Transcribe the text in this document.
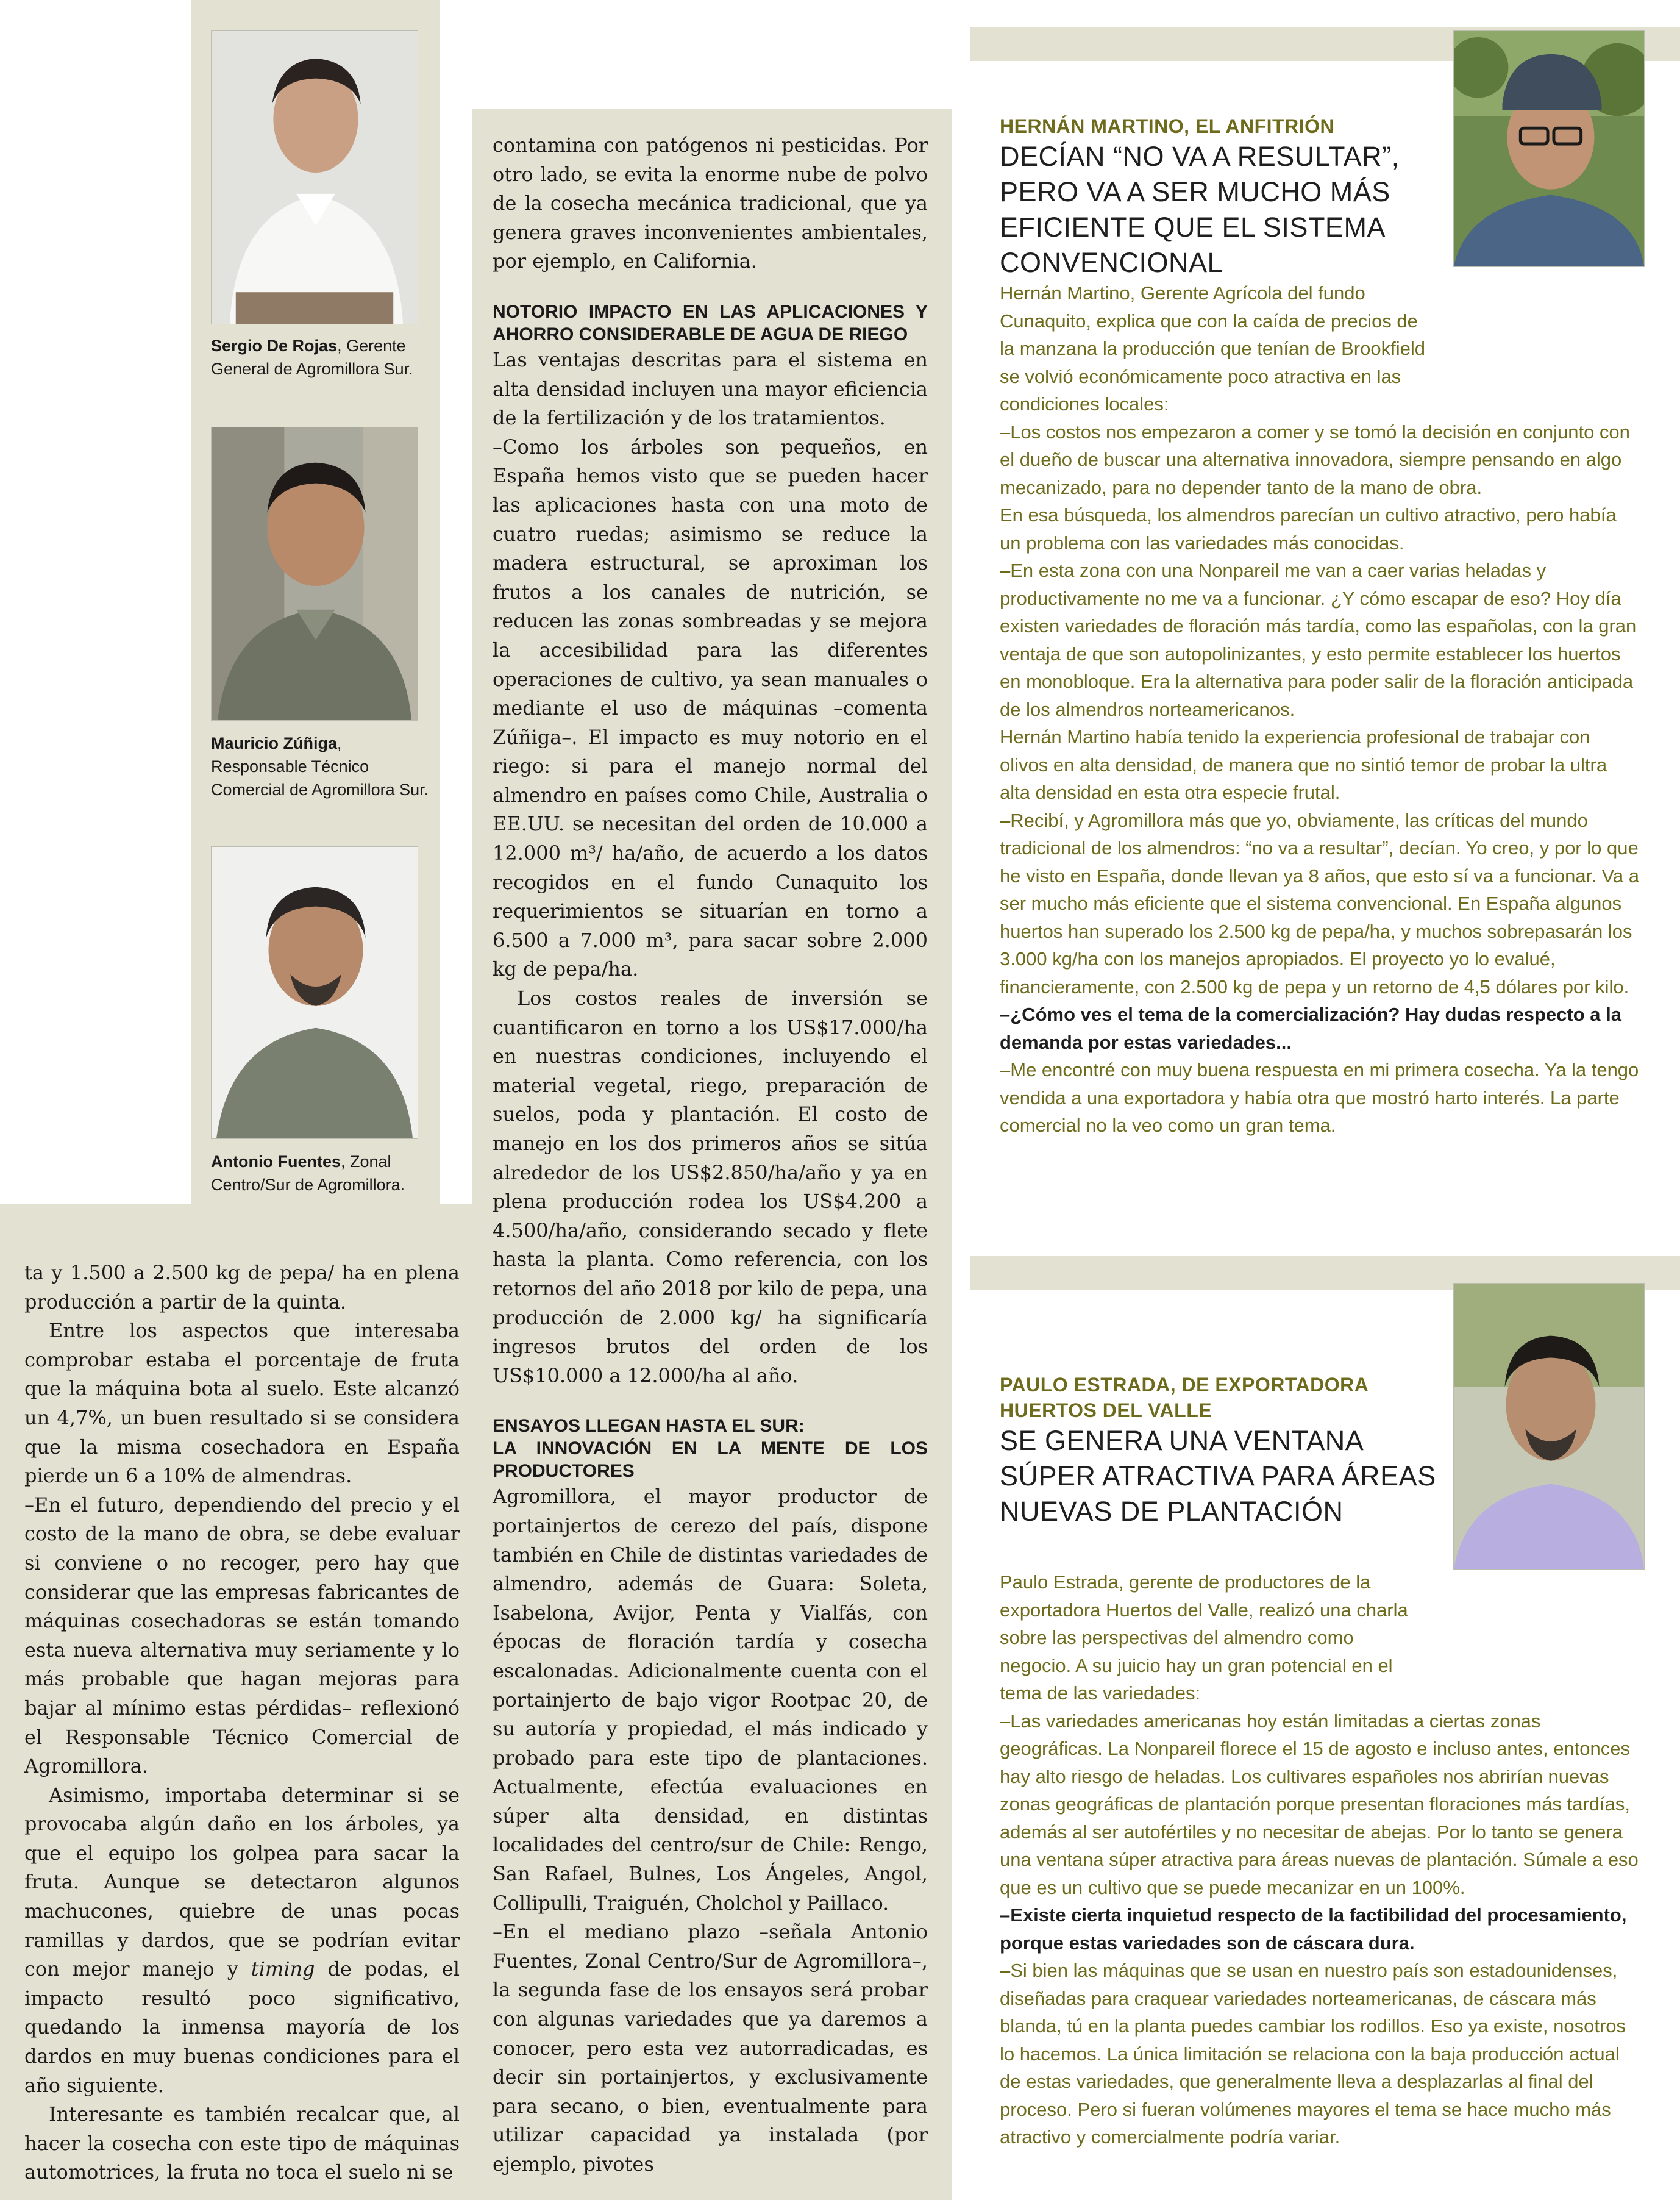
Sergio De Rojas, Gerente General de Agromillora Sur.
Mauricio Zúñiga, Responsable Técnico Comercial de Agromillora Sur.
Antonio Fuentes, Zonal Centro/Sur de Agromillora.

ta y 1.500 a 2.500 kg de pepa/ ha en plena producción a partir de la quinta.

Entre los aspectos que interesaba comprobar estaba el porcentaje de fruta que la máquina bota al suelo. Este alcanzó un 4,7%, un buen resultado si se considera que la misma cosechadora en España pierde un 6 a 10% de almendras.

–En el futuro, dependiendo del precio y el costo de la mano de obra, se debe evaluar si conviene o no recoger, pero hay que considerar que las empresas fabricantes de máquinas cosechadoras se están tomando esta nueva alternativa muy seriamente y lo más probable que hagan mejoras para bajar al mínimo estas pérdidas– reflexionó el Responsable Técnico Comercial de Agromillora.

Asimismo, importaba determinar si se provocaba algún daño en los árboles, ya que el equipo los golpea para sacar la fruta. Aunque se detectaron algunos machucones, quiebre de unas pocas ramillas y dardos, que se podrían evitar con mejor manejo y timing de podas, el impacto resultó poco significativo, quedando la inmensa mayoría de los dardos en muy buenas condiciones para el año siguiente.

Interesante es también recalcar que, al hacer la cosecha con este tipo de máquinas automotrices, la fruta no toca el suelo ni se

contamina con patógenos ni pesticidas. Por otro lado, se evita la enorme nube de polvo de la cosecha mecánica tradicional, que ya genera graves inconvenientes ambientales, por ejemplo, en California.

NOTORIO IMPACTO EN LAS APLICACIONES Y AHORRO CONSIDERABLE DE AGUA DE RIEGO

Las ventajas descritas para el sistema en alta densidad incluyen una mayor eficiencia de la fertilización y de los tratamientos.

–Como los árboles son pequeños, en España hemos visto que se pueden hacer las aplicaciones hasta con una moto de cuatro ruedas; asimismo se reduce la madera estructural, se aproximan los frutos a los canales de nutrición, se reducen las zonas sombreadas y se mejora la accesibilidad para las diferentes operaciones de cultivo, ya sean manuales o mediante el uso de máquinas –comenta Zúñiga–. El impacto es muy notorio en el riego: si para el manejo normal del almendro en países como Chile, Australia o EE.UU. se necesitan del orden de 10.000 a 12.000 m³/ ha/año, de acuerdo a los datos recogidos en el fundo Cunaquito los requerimientos se situarían en torno a 6.500 a 7.000 m³, para sacar sobre 2.000 kg de pepa/ha.

Los costos reales de inversión se cuantificaron en torno a los US$17.000/ha en nuestras condiciones, incluyendo el material vegetal, riego, preparación de suelos, poda y plantación. El costo de manejo en los dos primeros años se sitúa alrededor de los US$2.850/ha/año y ya en plena producción rodea los US$4.200 a 4.500/ha/año, considerando secado y flete hasta la planta. Como referencia, con los retornos del año 2018 por kilo de pepa, una producción de 2.000 kg/ ha significaría ingresos brutos del orden de los US$10.000 a 12.000/ha al año.

ENSAYOS LLEGAN HASTA EL SUR:
LA INNOVACIÓN EN LA MENTE DE LOS PRODUCTORES

Agromillora, el mayor productor de portainjertos de cerezo del país, dispone también en Chile de distintas variedades de almendro, además de Guara: Soleta, Isabelona, Avijor, Penta y Vialfás, con épocas de floración tardía y cosecha escalonadas. Adicionalmente cuenta con el portainjerto de bajo vigor Rootpac 20, de su autoría y propiedad, el más indicado y probado para este tipo de plantaciones. Actualmente, efectúa evaluaciones en súper alta densidad, en distintas localidades del centro/sur de Chile: Rengo, San Rafael, Bulnes, Los Ángeles, Angol, Collipulli, Traiguén, Cholchol y Paillaco.

–En el mediano plazo –señala Antonio Fuentes, Zonal Centro/Sur de Agromillora–, la segunda fase de los ensayos será probar con algunas variedades que ya daremos a conocer, pero esta vez autorradicadas, es decir sin portainjertos, y exclusivamente para secano, o bien, eventualmente para utilizar capacidad ya instalada (por ejemplo, pivotes

HERNÁN MARTINO, EL ANFITRIÓN
DECÍAN “NO VA A RESULTAR”, PERO VA A SER MUCHO MÁS EFICIENTE QUE EL SISTEMA CONVENCIONAL

Hernán Martino, Gerente Agrícola del fundo Cunaquito, explica que con la caída de precios de la manzana la producción que tenían de Brookfield se volvió económicamente poco atractiva en las condiciones locales:

–Los costos nos empezaron a comer y se tomó la decisión en conjunto con el dueño de buscar una alternativa innovadora, siempre pensando en algo mecanizado, para no depender tanto de la mano de obra.

En esa búsqueda, los almendros parecían un cultivo atractivo, pero había un problema con las variedades más conocidas.

–En esta zona con una Nonpareil me van a caer varias heladas y productivamente no me va a funcionar. ¿Y cómo escapar de eso? Hoy día existen variedades de floración más tardía, como las españolas, con la gran ventaja de que son autopolinizantes, y esto permite establecer los huertos en monobloque. Era la alternativa para poder salir de la floración anticipada de los almendros norteamericanos.

Hernán Martino había tenido la experiencia profesional de trabajar con olivos en alta densidad, de manera que no sintió temor de probar la ultra alta densidad en esta otra especie frutal.

–Recibí, y Agromillora más que yo, obviamente, las críticas del mundo tradicional de los almendros: “no va a resultar”, decían. Yo creo, y por lo que he visto en España, donde llevan ya 8 años, que esto sí va a funcionar. Va a ser mucho más eficiente que el sistema convencional. En España algunos huertos han superado los 2.500 kg de pepa/ha, y muchos sobrepasarán los 3.000 kg/ha con los manejos apropiados. El proyecto yo lo evalué, financieramente, con 2.500 kg de pepa y un retorno de 4,5 dólares por kilo.

–¿Cómo ves el tema de la comercialización? Hay dudas respecto a la demanda por estas variedades...

–Me encontré con muy buena respuesta en mi primera cosecha. Ya la tengo vendida a una exportadora y había otra que mostró harto interés. La parte comercial no la veo como un gran tema.

PAULO ESTRADA, DE EXPORTADORA HUERTOS DEL VALLE
SE GENERA UNA VENTANA SÚPER ATRACTIVA PARA ÁREAS NUEVAS DE PLANTACIÓN

Paulo Estrada, gerente de productores de la exportadora Huertos del Valle, realizó una charla sobre las perspectivas del almendro como negocio. A su juicio hay un gran potencial en el tema de las variedades:

–Las variedades americanas hoy están limitadas a ciertas zonas geográficas. La Nonpareil florece el 15 de agosto e incluso antes, entonces hay alto riesgo de heladas. Los cultivares españoles nos abrirían nuevas zonas geográficas de plantación porque presentan floraciones más tardías, además al ser autofértiles y no necesitar de abejas. Por lo tanto se genera una ventana súper atractiva para áreas nuevas de plantación. Súmale a eso que es un cultivo que se puede mecanizar en un 100%.

–Existe cierta inquietud respecto de la factibilidad del procesamiento, porque estas variedades son de cáscara dura.

–Si bien las máquinas que se usan en nuestro país son estadounidenses, diseñadas para craquear variedades norteamericanas, de cáscara más blanda, tú en la planta puedes cambiar los rodillos. Eso ya existe, nosotros lo hacemos. La única limitación se relaciona con la baja producción actual de estas variedades, que generalmente lleva a desplazarlas al final del proceso. Pero si fueran volúmenes mayores el tema se hace mucho más atractivo y comercialmente podría variar.
